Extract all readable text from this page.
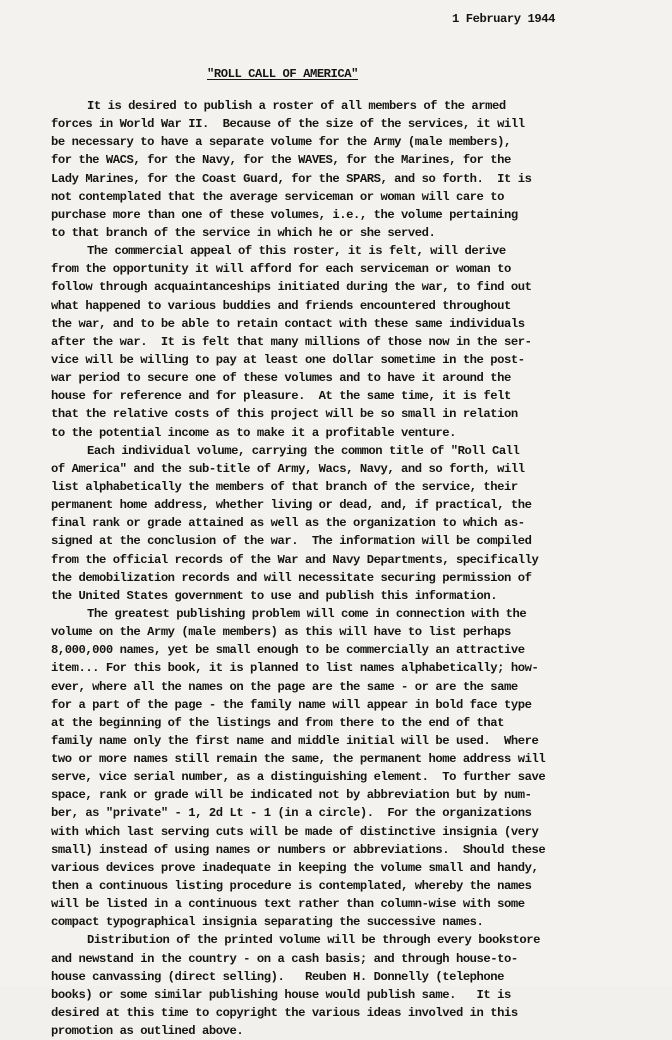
1 February 1944
"ROLL CALL OF AMERICA"
It is desired to publish a roster of all members of the armed
forces in World War II.  Because of the size of the services, it will
be necessary to have a separate volume for the Army (male members),
for the WACS, for the Navy, for the WAVES, for the Marines, for the
Lady Marines, for the Coast Guard, for the SPARS, and so forth.  It is
not contemplated that the average serviceman or woman will care to
purchase more than one of these volumes, i.e., the volume pertaining
to that branch of the service in which he or she served.
The commercial appeal of this roster, it is felt, will derive
from the opportunity it will afford for each serviceman or woman to
follow through acquaintanceships initiated during the war, to find out
what happened to various buddies and friends encountered throughout
the war, and to be able to retain contact with these same individuals
after the war.  It is felt that many millions of those now in the ser-
vice will be willing to pay at least one dollar sometime in the post-
war period to secure one of these volumes and to have it around the
house for reference and for pleasure.  At the same time, it is felt
that the relative costs of this project will be so small in relation
to the potential income as to make it a profitable venture.
Each individual volume, carrying the common title of "Roll Call
of America" and the sub-title of Army, Wacs, Navy, and so forth, will
list alphabetically the members of that branch of the service, their
permanent home address, whether living or dead, and, if practical, the
final rank or grade attained as well as the organization to which as-
signed at the conclusion of the war.  The information will be compiled
from the official records of the War and Navy Departments, specifically
the demobilization records and will necessitate securing permission of
the United States government to use and publish this information.
The greatest publishing problem will come in connection with the
volume on the Army (male members) as this will have to list perhaps
8,000,000 names, yet be small enough to be commercially an attractive
item... For this book, it is planned to list names alphabetically; how-
ever, where all the names on the page are the same - or are the same
for a part of the page - the family name will appear in bold face type
at the beginning of the listings and from there to the end of that
family name only the first name and middle initial will be used.  Where
two or more names still remain the same, the permanent home address will
serve, vice serial number, as a distinguishing element.  To further save
space, rank or grade will be indicated not by abbreviation but by num-
ber, as "private" - 1, 2d Lt - 1 (in a circle).  For the organizations
with which last serving cuts will be made of distinctive insignia (very
small) instead of using names or numbers or abbreviations.  Should these
various devices prove inadequate in keeping the volume small and handy,
then a continuous listing procedure is contemplated, whereby the names
will be listed in a continuous text rather than column-wise with some
compact typographical insignia separating the successive names.
Distribution of the printed volume will be through every bookstore
and newstand in the country - on a cash basis; and through house-to-
house canvassing (direct selling).   Reuben H. Donnelly (telephone
books) or some similar publishing house would publish same.   It is
desired at this time to copyright the various ideas involved in this
promotion as outlined above.
